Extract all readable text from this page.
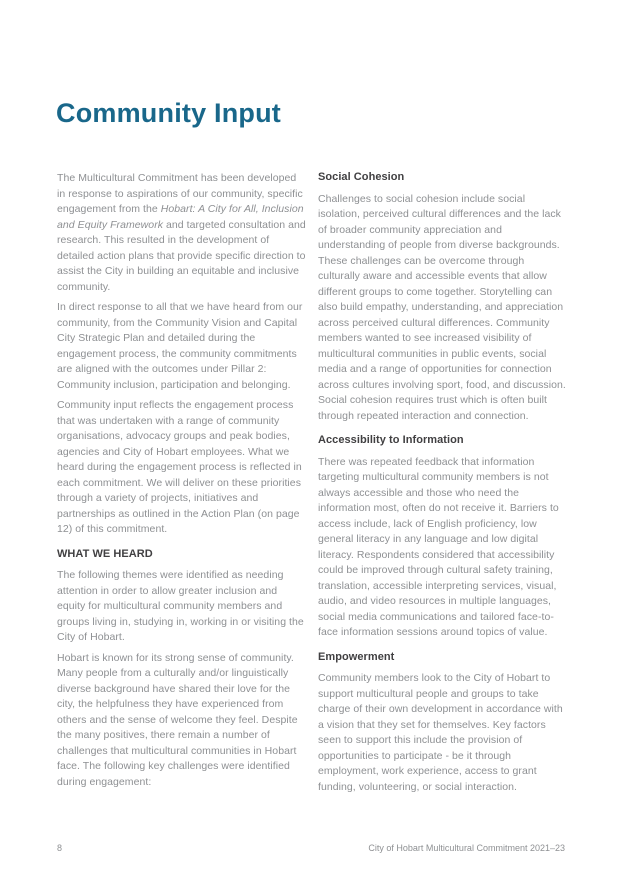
Community Input

The Multicultural Commitment has been developed in response to aspirations of our community, specific engagement from the Hobart: A City for All, Inclusion and Equity Framework and targeted consultation and research. This resulted in the development of detailed action plans that provide specific direction to assist the City in building an equitable and inclusive community.

In direct response to all that we have heard from our community, from the Community Vision and Capital City Strategic Plan and detailed during the engagement process, the community commitments are aligned with the outcomes under Pillar 2: Community inclusion, participation and belonging.

Community input reflects the engagement process that was undertaken with a range of community organisations, advocacy groups and peak bodies, agencies and City of Hobart employees. What we heard during the engagement process is reflected in each commitment. We will deliver on these priorities through a variety of projects, initiatives and partnerships as outlined in the Action Plan (on page 12) of this commitment.

WHAT WE HEARD

The following themes were identified as needing attention in order to allow greater inclusion and equity for multicultural community members and groups living in, studying in, working in or visiting the City of Hobart.

Hobart is known for its strong sense of community. Many people from a culturally and/or linguistically diverse background have shared their love for the city, the helpfulness they have experienced from others and the sense of welcome they feel. Despite the many positives, there remain a number of challenges that multicultural communities in Hobart face. The following key challenges were identified during engagement:

Social Cohesion

Challenges to social cohesion include social isolation, perceived cultural differences and the lack of broader community appreciation and understanding of people from diverse backgrounds. These challenges can be overcome through culturally aware and accessible events that allow different groups to come together. Storytelling can also build empathy, understanding, and appreciation across perceived cultural differences. Community members wanted to see increased visibility of multicultural communities in public events, social media and a range of opportunities for connection across cultures involving sport, food, and discussion. Social cohesion requires trust which is often built through repeated interaction and connection.

Accessibility to Information

There was repeated feedback that information targeting multicultural community members is not always accessible and those who need the information most, often do not receive it. Barriers to access include, lack of English proficiency, low general literacy in any language and low digital literacy. Respondents considered that accessibility could be improved through cultural safety training, translation, accessible interpreting services, visual, audio, and video resources in multiple languages, social media communications and tailored face-to-face information sessions around topics of value.

Empowerment

Community members look to the City of Hobart to support multicultural people and groups to take charge of their own development in accordance with a vision that they set for themselves. Key factors seen to support this include the provision of opportunities to participate - be it through employment, work experience, access to grant funding, volunteering, or social interaction.

8	City of Hobart Multicultural Commitment 2021–23
